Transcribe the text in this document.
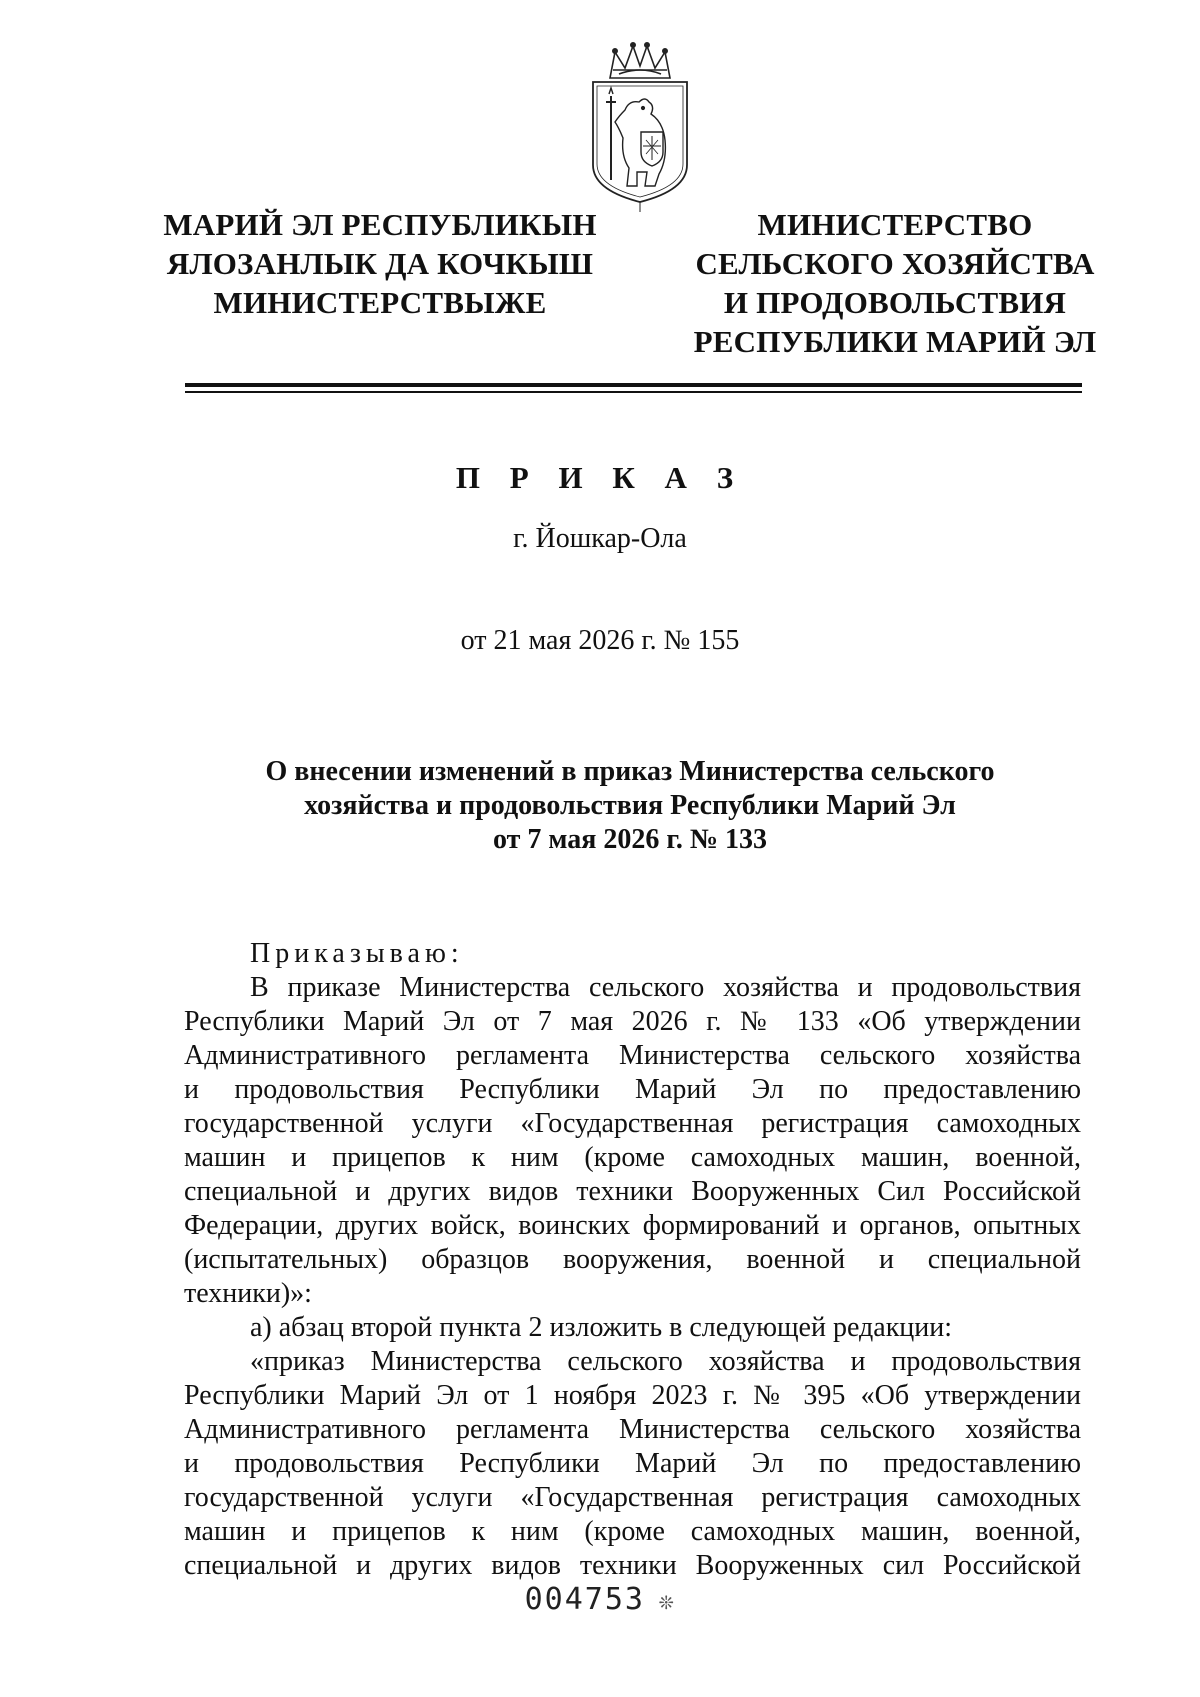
МАРИЙ ЭЛ РЕСПУБЛИКЫН
ЯЛОЗАНЛЫК ДА КОЧКЫШ
МИНИСТЕРСТВЫЖЕ
МИНИСТЕРСТВО
СЕЛЬСКОГО ХОЗЯЙСТВА
И ПРОДОВОЛЬСТВИЯ
РЕСПУБЛИКИ МАРИЙ ЭЛ
П Р И К А З
г. Йошкар-Ола
от 21 мая 2026 г. № 155
О внесении изменений в приказ Министерства сельского
хозяйства и продовольствия Республики Марий Эл
от 7 мая 2026 г. № 133
Приказываю:
В приказе Министерства сельского хозяйства и продовольствия
Республики Марий Эл от 7 мая 2026 г. № 133 «Об утверждении
Административного регламента Министерства сельского хозяйства
и продовольствия Республики Марий Эл по предоставлению
государственной услуги «Государственная регистрация самоходных
машин и прицепов к ним (кроме самоходных машин, военной,
специальной и других видов техники Вооруженных Сил Российской
Федерации, других войск, воинских формирований и органов, опытных
(испытательных) образцов вооружения, военной и специальной
техники)»:
а) абзац второй пункта 2 изложить в следующей редакции:
«приказ Министерства сельского хозяйства и продовольствия
Республики Марий Эл от 1 ноября 2023 г. № 395 «Об утверждении
Административного регламента Министерства сельского хозяйства
и продовольствия Республики Марий Эл по предоставлению
государственной услуги «Государственная регистрация самоходных
машин и прицепов к ним (кроме самоходных машин, военной,
специальной и других видов техники Вооруженных сил Российской
004753 ❊
